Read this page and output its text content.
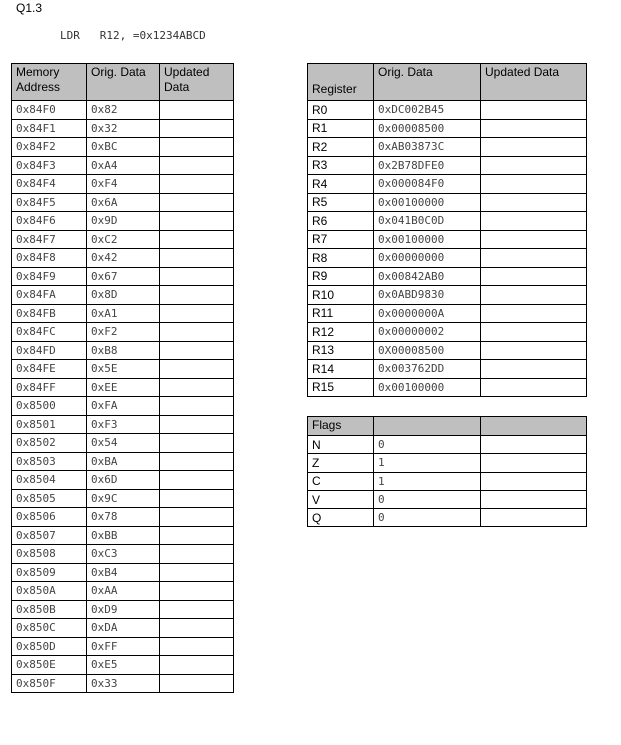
Q1.3
LDR   R12, =0x1234ABCD
Memory Address	Orig. Data	Updated Data
0x84F0	0x82	
0x84F1	0x32	
0x84F2	0xBC	
0x84F3	0xA4	
0x84F4	0xF4	
0x84F5	0x6A	
0x84F6	0x9D	
0x84F7	0xC2	
0x84F8	0x42	
0x84F9	0x67	
0x84FA	0x8D	
0x84FB	0xA1	
0x84FC	0xF2	
0x84FD	0xB8	
0x84FE	0x5E	
0x84FF	0xEE	
0x8500	0xFA	
0x8501	0xF3	
0x8502	0x54	
0x8503	0xBA	
0x8504	0x6D	
0x8505	0x9C	
0x8506	0x78	
0x8507	0xBB	
0x8508	0xC3	
0x8509	0xB4	
0x850A	0xAA	
0x850B	0xD9	
0x850C	0xDA	
0x850D	0xFF	
0x850E	0xE5	
0x850F	0x33	
Register	Orig. Data	Updated Data
R0	0xDC002B45	
R1	0x00008500	
R2	0xAB03873C	
R3	0x2B78DFE0	
R4	0x000084F0	
R5	0x00100000	
R6	0x041B0C0D	
R7	0x00100000	
R8	0x00000000	
R9	0x00842AB0	
R10	0x0ABD9830	
R11	0x0000000A	
R12	0x00000002	
R13	0X00008500	
R14	0x003762DD	
R15	0x00100000	
Flags		
N	0	
Z	1	
C	1	
V	0	
Q	0	
